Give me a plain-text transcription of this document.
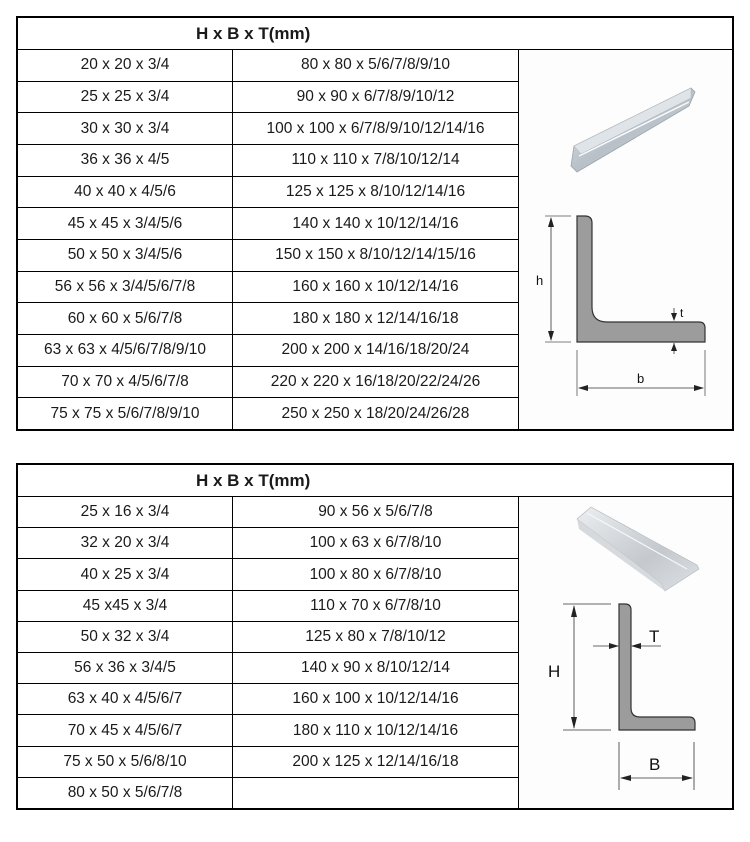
H x B x T(mm)
20 x 20 x 3/4
25 x 25 x 3/4
30 x 30 x 3/4
36 x 36 x 4/5
40 x 40 x 4/5/6
45 x 45 x 3/4/5/6
50 x 50 x 3/4/5/6
56 x 56 x 3/4/5/6/7/8
60 x 60 x 5/6/7/8
63 x 63 x 4/5/6/7/8/9/10
70 x 70 x 4/5/6/7/8
75 x 75 x 5/6/7/8/9/10
80 x 80 x 5/6/7/8/9/10
90 x 90 x 6/7/8/9/10/12
100 x 100 x 6/7/8/9/10/12/14/16
110 x 110 x 7/8/10/12/14
125 x 125 x 8/10/12/14/16
140 x 140 x 10/12/14/16
150 x 150 x 8/10/12/14/15/16
160 x 160 x 10/12/14/16
180 x 180 x 12/14/16/18
200 x 200 x 14/16/18/20/24
220 x 220 x 16/18/20/22/24/26
250 x 250 x 18/20/24/26/28
h
t
b
H x B x T(mm)
25 x 16 x 3/4
32 x 20 x 3/4
40 x 25 x 3/4
45 x45 x 3/4
50 x 32 x 3/4
56 x 36 x 3/4/5
63 x 40 x 4/5/6/7
70 x 45 x 4/5/6/7
75 x 50 x 5/6/8/10
80 x 50 x 5/6/7/8
90 x 56 x 5/6/7/8
100 x 63 x 6/7/8/10
100 x 80 x 6/7/8/10
110 x 70 x 6/7/8/10
125 x 80 x 7/8/10/12
140 x 90 x 8/10/12/14
160 x 100 x 10/12/14/16
180 x 110 x 10/12/14/16
200 x 125 x 12/14/16/18
H
T
B
